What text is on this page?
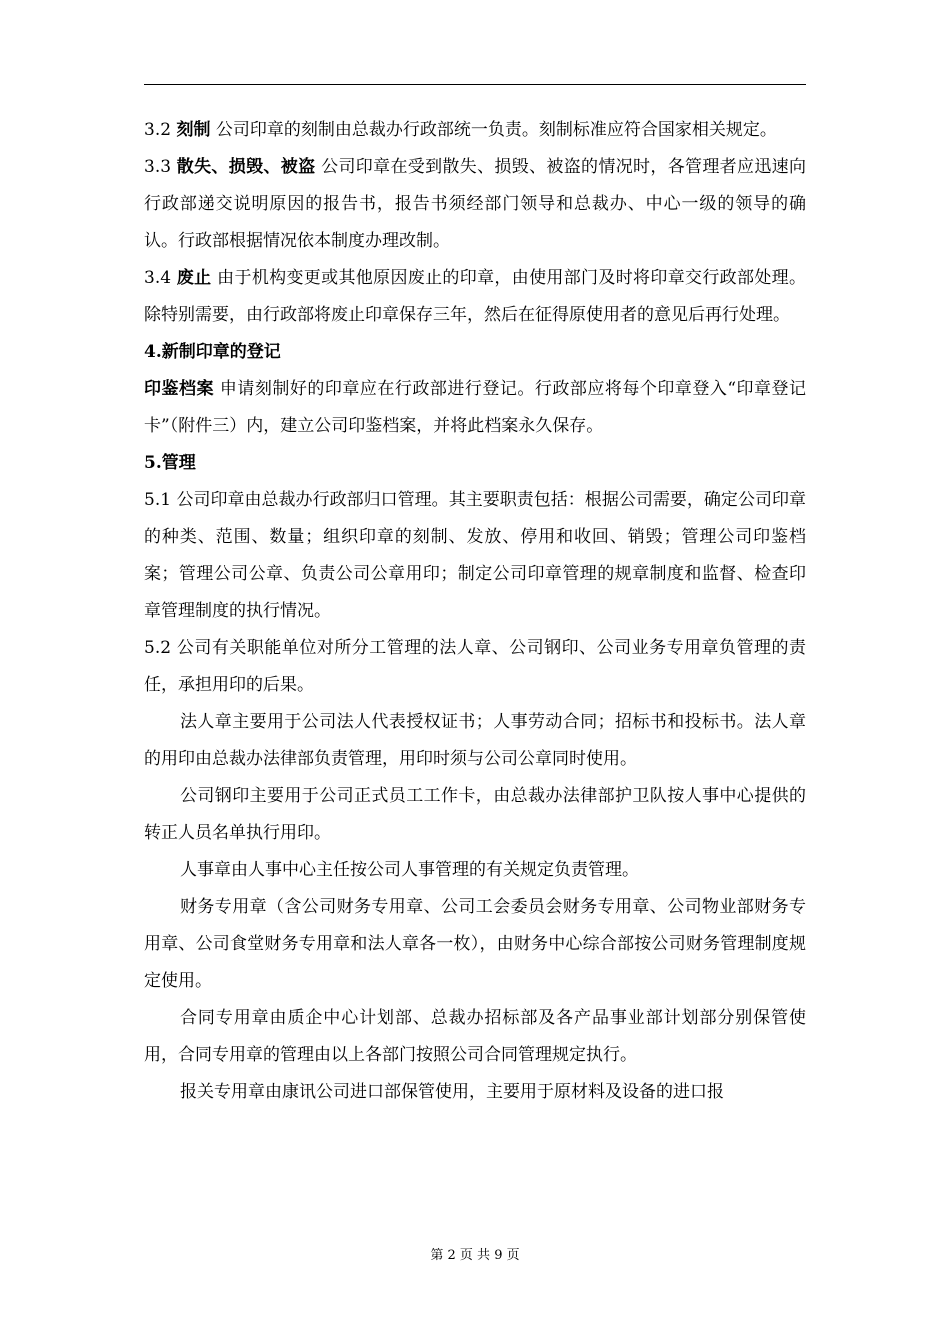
3.2 刻制 公司印章的刻制由总裁办行政部统一负责。刻制标准应符合国家相关规定。

3.3 散失、损毁、被盗 公司印章在受到散失、损毁、被盗的情况时，各管理者应迅速向行政部递交说明原因的报告书，报告书须经部门领导和总裁办、中心一级的领导的确认。行政部根据情况依本制度办理改制。

3.4 废止 由于机构变更或其他原因废止的印章，由使用部门及时将印章交行政部处理。除特别需要，由行政部将废止印章保存三年，然后在征得原使用者的意见后再行处理。

4.新制印章的登记

印鉴档案 申请刻制好的印章应在行政部进行登记。行政部应将每个印章登入“印章登记卡”（附件三）内，建立公司印鉴档案，并将此档案永久保存。

5.管理

5.1 公司印章由总裁办行政部归口管理。其主要职责包括：根据公司需要，确定公司印章的种类、范围、数量；组织印章的刻制、发放、停用和收回、销毁；管理公司印鉴档案；管理公司公章、负责公司公章用印；制定公司印章管理的规章制度和监督、检查印章管理制度的执行情况。

5.2 公司有关职能单位对所分工管理的法人章、公司钢印、公司业务专用章负管理的责任，承担用印的后果。

法人章主要用于公司法人代表授权证书；人事劳动合同；招标书和投标书。法人章的用印由总裁办法律部负责管理，用印时须与公司公章同时使用。

公司钢印主要用于公司正式员工工作卡，由总裁办法律部护卫队按人事中心提供的转正人员名单执行用印。

人事章由人事中心主任按公司人事管理的有关规定负责管理。

财务专用章（含公司财务专用章、公司工会委员会财务专用章、公司物业部财务专用章、公司食堂财务专用章和法人章各一枚），由财务中心综合部按公司财务管理制度规定使用。

合同专用章由质企中心计划部、总裁办招标部及各产品事业部计划部分别保管使用，合同专用章的管理由以上各部门按照公司合同管理规定执行。

报关专用章由康讯公司进口部保管使用，主要用于原材料及设备的进口报

第 2 页 共 9 页
